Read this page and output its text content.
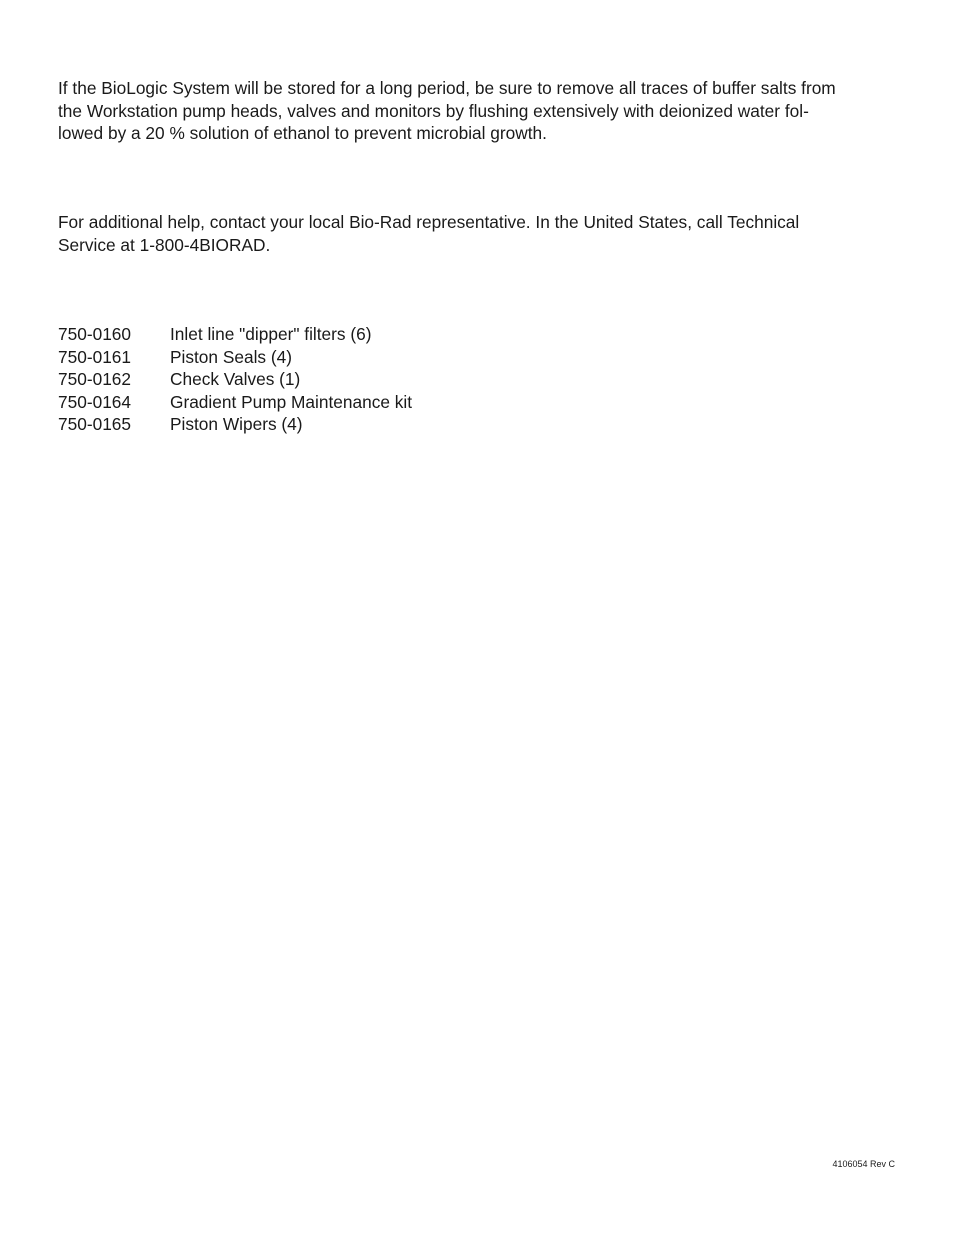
If the BioLogic System will be stored for a long period, be sure to remove all traces of buffer salts from
the Workstation pump heads, valves and monitors by flushing extensively with deionized water fol-
lowed by a 20 % solution of ethanol to prevent microbial growth.

For additional help, contact your local Bio-Rad representative. In the United States, call Technical
Service at 1-800-4BIORAD.

750-0160	Inlet line "dipper" filters (6)
750-0161	Piston Seals (4)
750-0162	Check Valves (1)
750-0164	Gradient Pump Maintenance kit
750-0165	Piston Wipers (4)
4106054 Rev C
